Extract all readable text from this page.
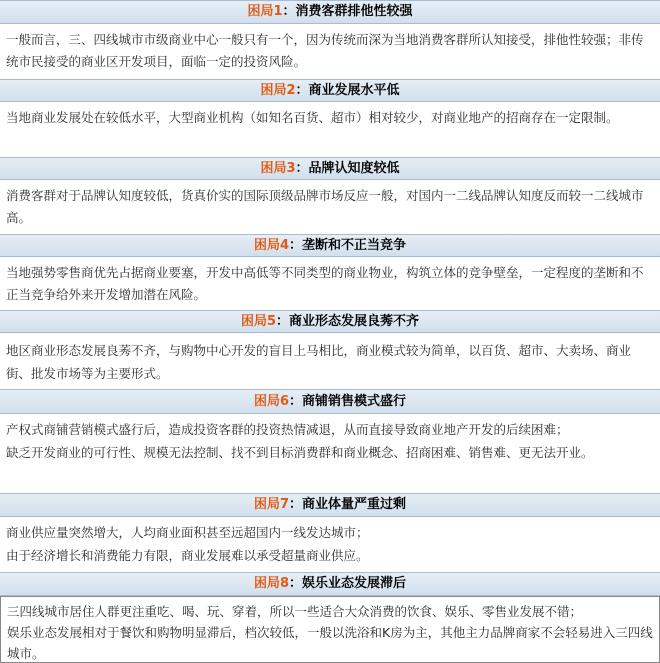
困局1：消费客群排他性较强

一般而言，三、四线城市市级商业中心一般只有一个，因为传统而深为当地消费客群所认知接受，排他性较强；非传统市民接受的商业区开发项目，面临一定的投资风险。

困局2：商业发展水平低

当地商业发展处在较低水平，大型商业机构（如知名百货、超市）相对较少，对商业地产的招商存在一定限制。

困局3：品牌认知度较低

消费客群对于品牌认知度较低，货真价实的国际顶级品牌市场反应一般，对国内一二线品牌认知度反而较一二线城市高。

困局4：垄断和不正当竞争

当地强势零售商优先占据商业要塞，开发中高低等不同类型的商业物业，构筑立体的竞争壁垒，一定程度的垄断和不正当竞争给外来开发增加潜在风险。

困局5：商业形态发展良莠不齐

地区商业形态发展良莠不齐，与购物中心开发的盲目上马相比，商业模式较为简单，以百货、超市、大卖场、商业街、批发市场等为主要形式。

困局6：商铺销售模式盛行

产权式商铺营销模式盛行后，造成投资客群的投资热情减退，从而直接导致商业地产开发的后续困难；

缺乏开发商业的可行性、规模无法控制、找不到目标消费群和商业概念、招商困难、销售难、更无法开业。

困局7：商业体量严重过剩

商业供应量突然增大，人均商业面积甚至远超国内一线发达城市；

由于经济增长和消费能力有限，商业发展难以承受超量商业供应。

困局8：娱乐业态发展滞后

三四线城市居住人群更注重吃、喝、玩、穿着，所以一些适合大众消费的饮食、娱乐、零售业发展不错；

娱乐业态发展相对于餐饮和购物明显滞后，档次较低，一般以洗浴和K房为主，其他主力品牌商家不会轻易进入三四线城市。
